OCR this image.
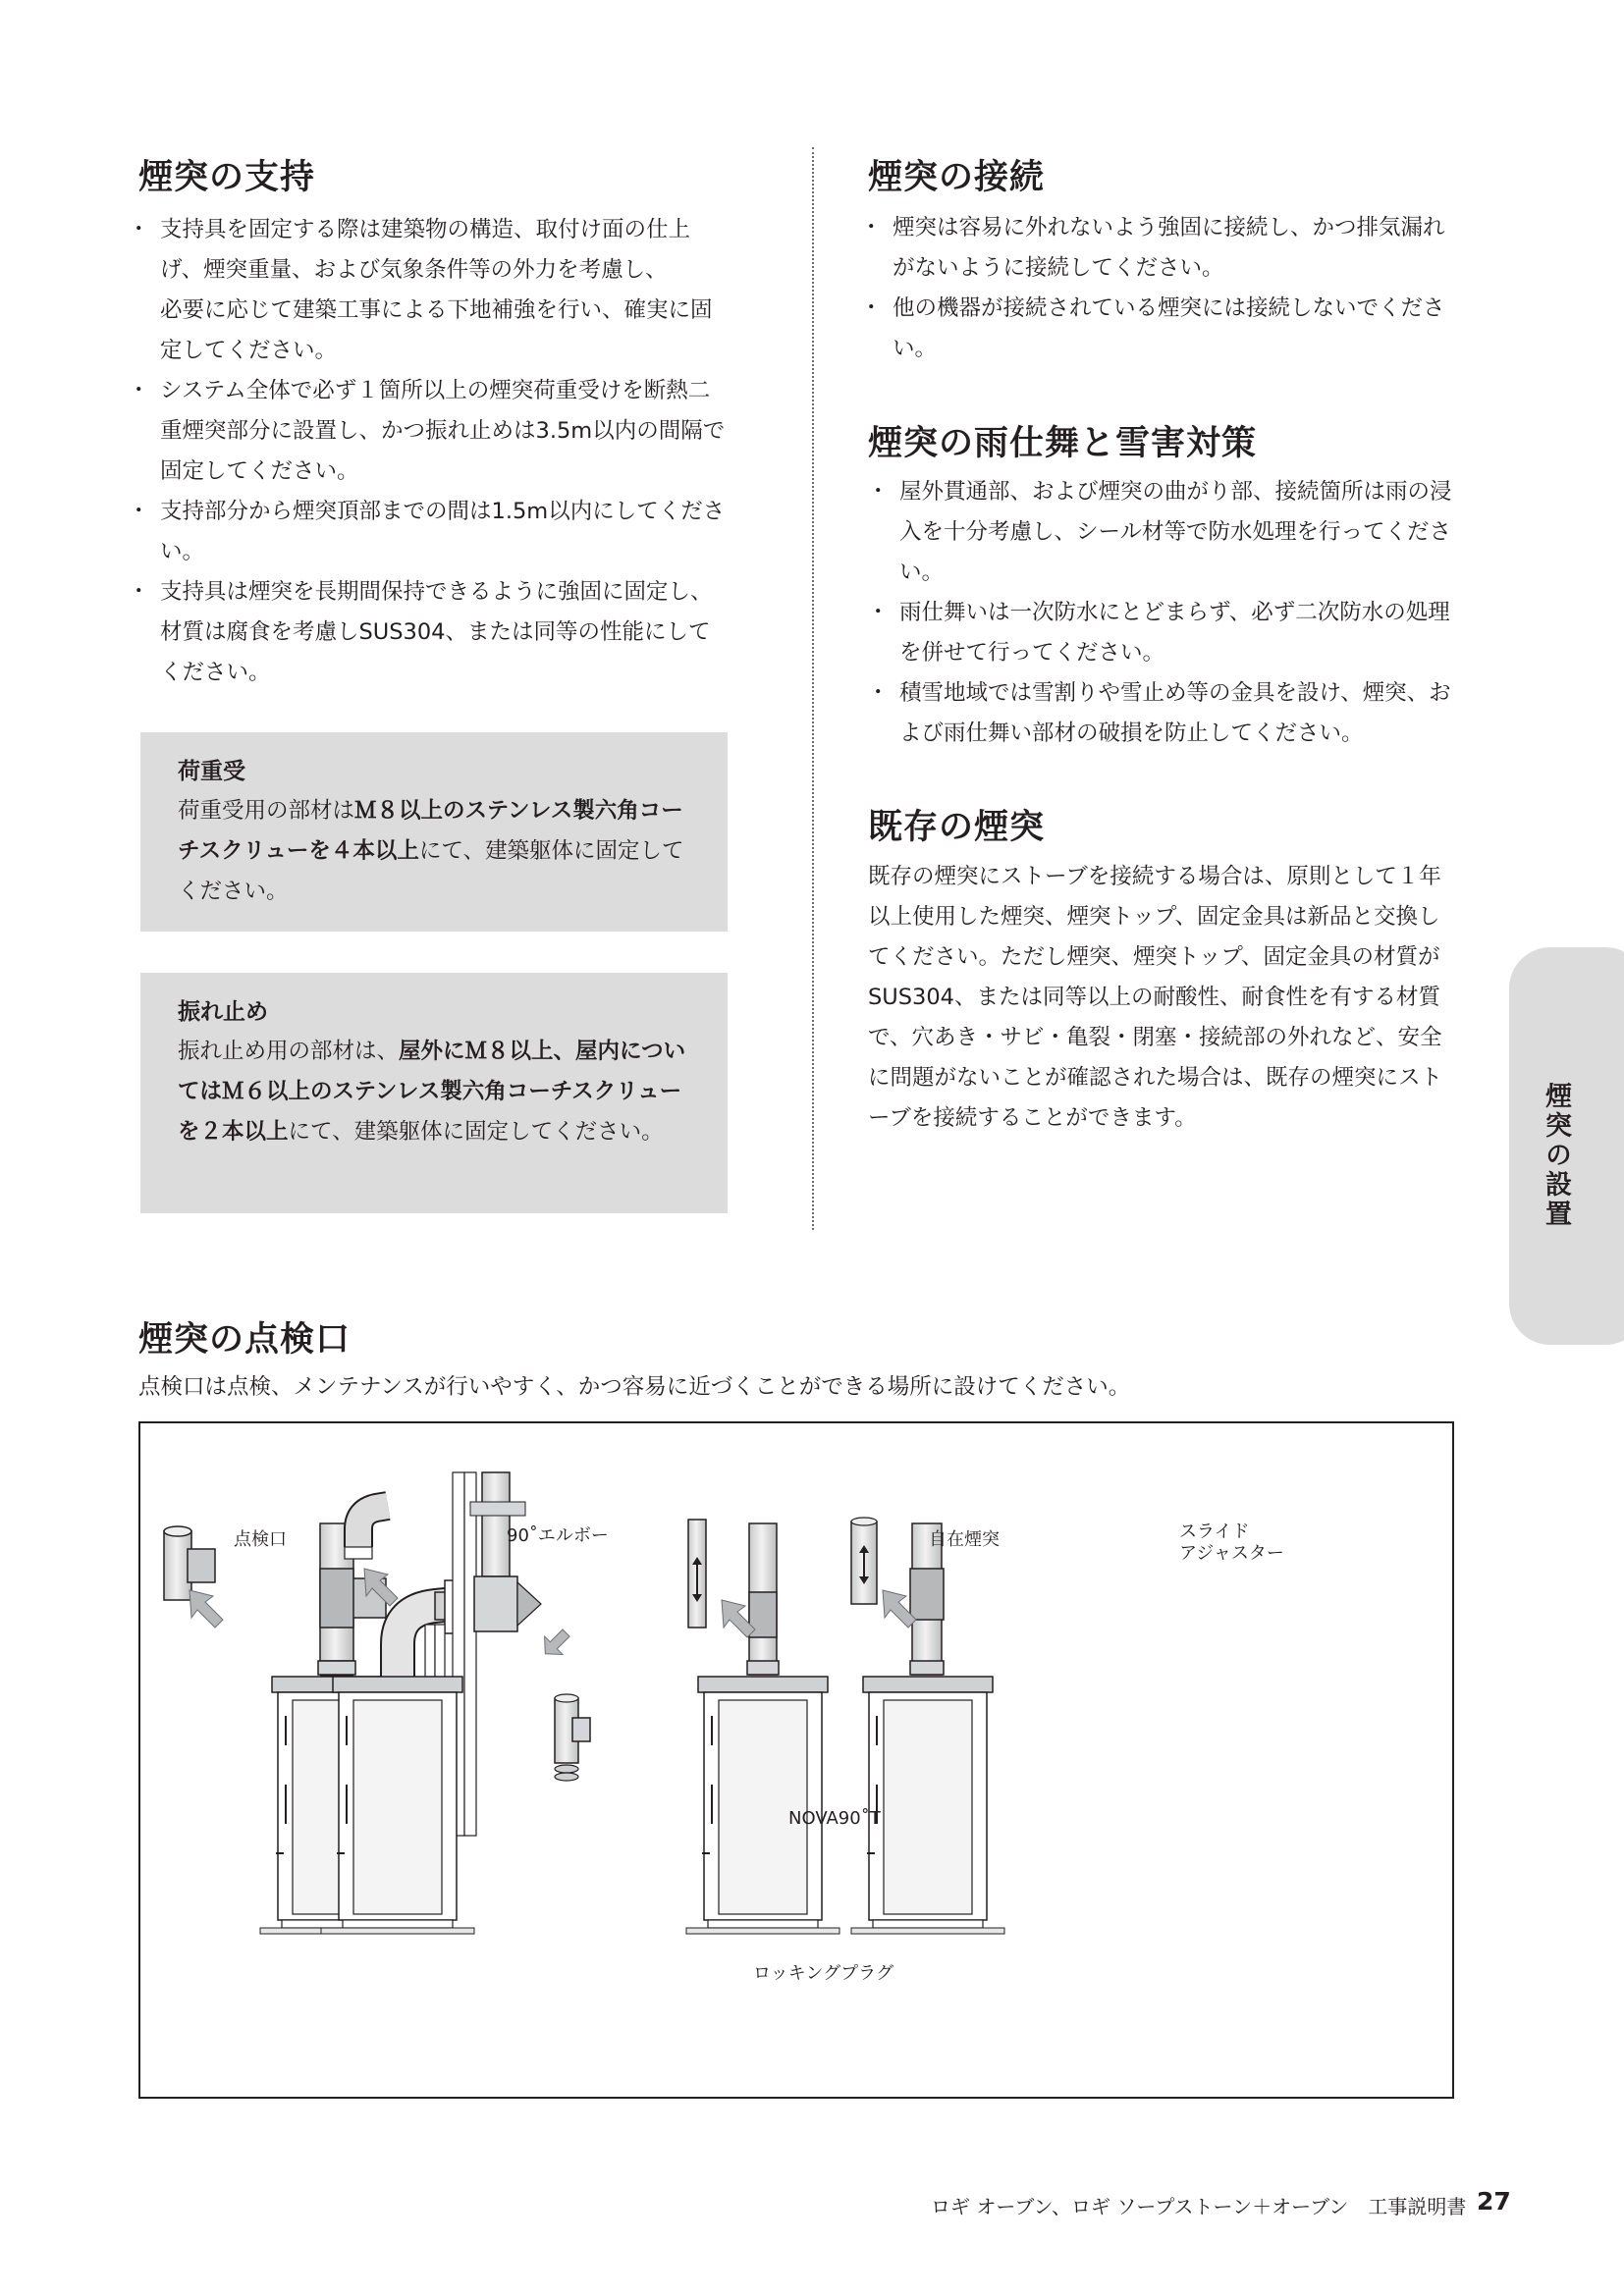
煙突の支持
・ 支持具を固定する際は建築物の構造、取付け面の仕上げ、煙突重量、および気象条件等の外力を考慮し、
必要に応じて建築工事による下地補強を行い、確実に固定してください。
・ システム全体で必ず１箇所以上の煙突荷重受けを断熱二重煙突部分に設置し、かつ振れ止めは3.5m以内の間隔で固定してください。
・ 支持部分から煙突頂部までの間は1.5m以内にしてください。
・ 支持具は煙突を長期間保持できるように強固に固定し、材質は腐食を考慮しSUS304、または同等の性能にしてください。

荷重受

荷重受用の部材はＭ８以上のステンレス製六角コーチスクリューを４本以上にて、建築躯体に固定してください。

振れ止め

振れ止め用の部材は、屋外にＭ８以上、屋内についてはＭ６以上のステンレス製六角コーチスクリューを２本以上にて、建築躯体に固定してください。

煙突の接続
・ 煙突は容易に外れないよう強固に接続し、かつ排気漏れがないように接続してください。
・ 他の機器が接続されている煙突には接続しないでください。
煙突の雨仕舞と雪害対策
・ 屋外貫通部、および煙突の曲がり部、接続箇所は雨の浸入を十分考慮し、シール材等で防水処理を行ってください。
・ 雨仕舞いは一次防水にとどまらず、必ず二次防水の処理を併せて行ってください。
・ 積雪地域では雪割りや雪止め等の金具を設け、煙突、および雨仕舞い部材の破損を防止してください。
既存の煙突

既存の煙突にストーブを接続する場合は、原則として１年以上使用した煙突、煙突トップ、固定金具は新品と交換してください。ただし煙突、煙突トップ、固定金具の材質がSUS304、または同等以上の耐酸性、耐食性を有する材質で、穴あき・サビ・亀裂・閉塞・接続部の外れなど、安全に問題がないことが確認された場合は、既存の煙突にストーブを接続することができます。	煙突の設置
煙突の点検口

点検口は点検、メンテナンスが行いやすく、かつ容易に近づくことができる場所に設けてください。

点検口	90˚エルボー
NOVA90˚T
ロッキングプラグ
自在煙突	スライド
アジャスター
ロギ オーブン、ロギ ソープストーン＋オーブン　工事説明書 27
